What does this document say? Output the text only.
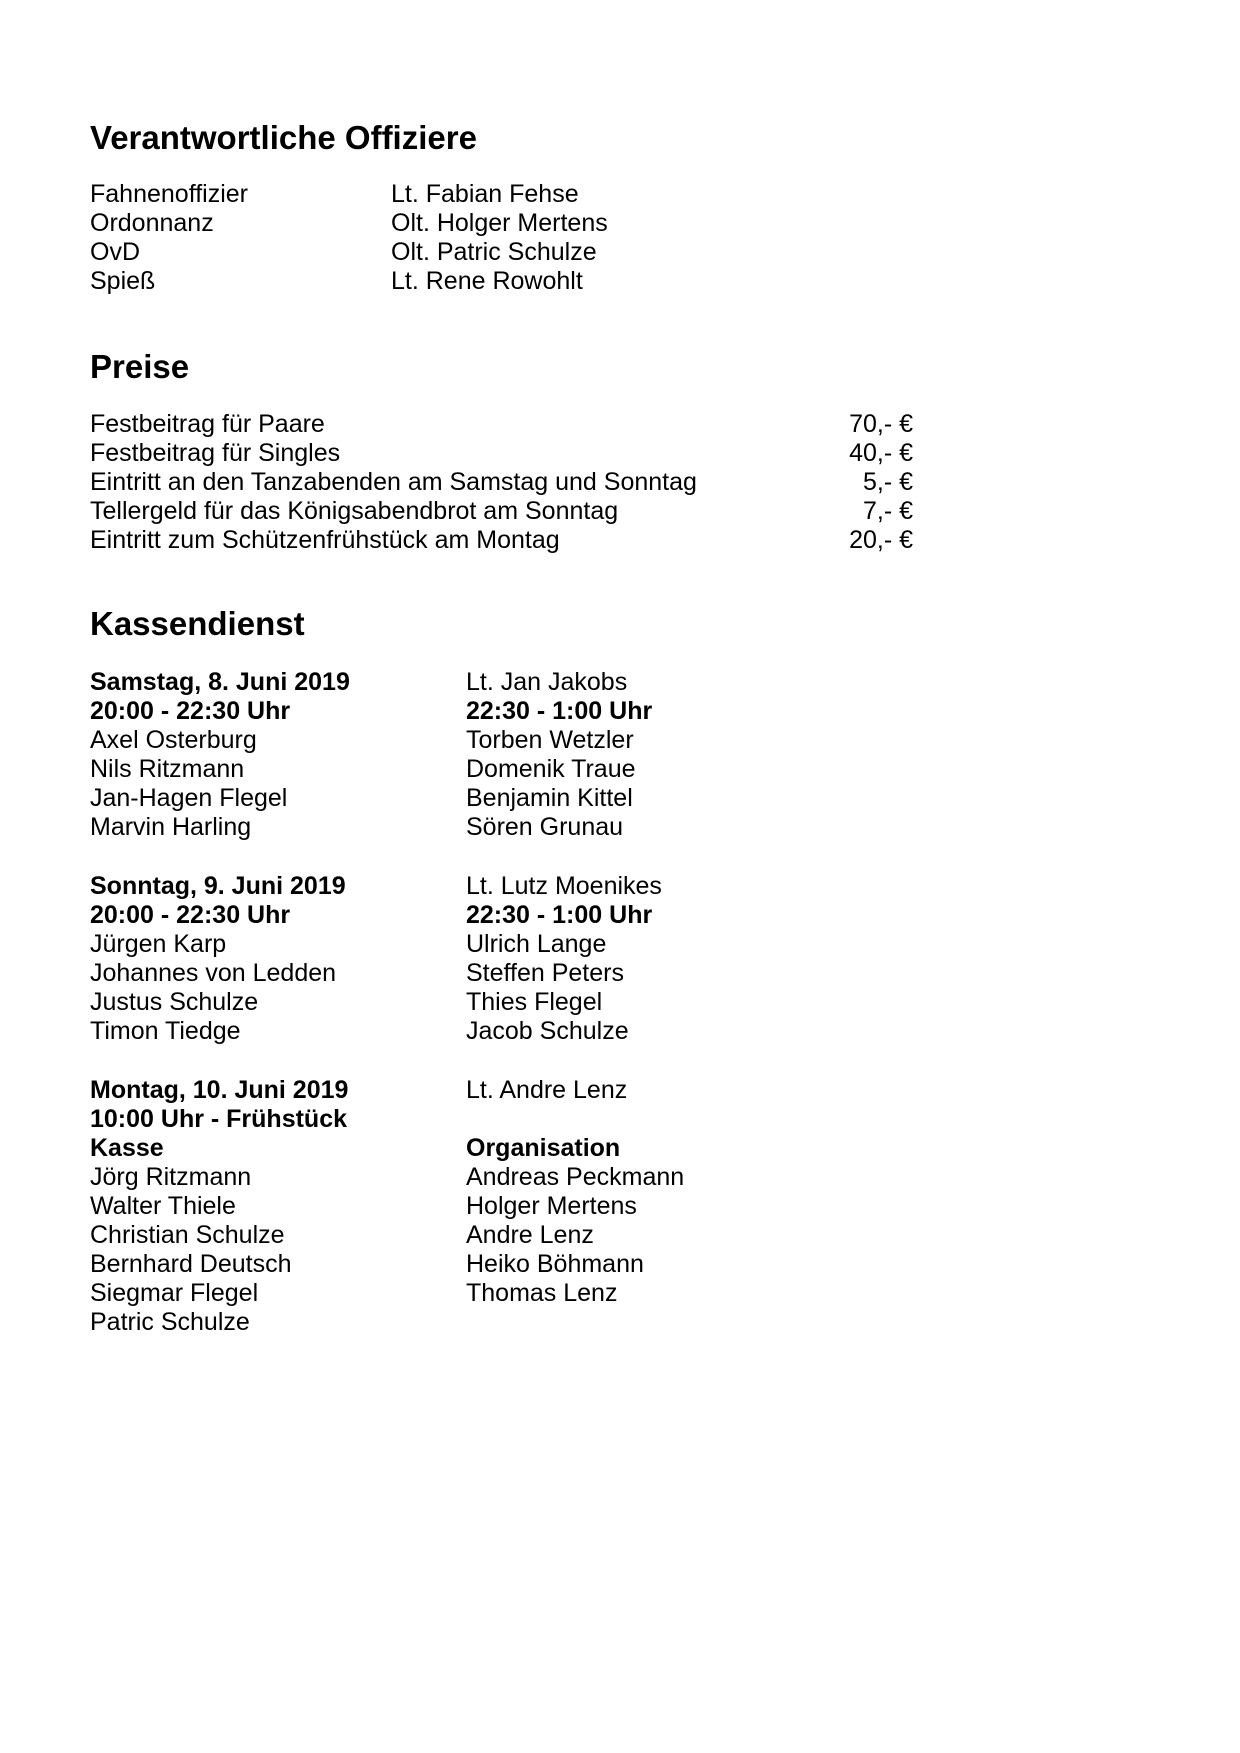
Verantwortliche Offiziere
Fahnenoffizier	Lt. Fabian Fehse
Ordonnanz	Olt. Holger Mertens
OvD	Olt. Patric Schulze
Spieß	Lt. Rene Rowohlt
Preise
Festbeitrag für Paare	70,- €
Festbeitrag für Singles	40,- €
Eintritt an den Tanzabenden am Samstag und Sonntag	5,- €
Tellergeld für das Königsabendbrot am Sonntag	7,- €
Eintritt zum Schützenfrühstück am Montag	20,- €
Kassendienst
Samstag, 8. Juni 2019	Lt. Jan Jakobs
20:00 - 22:30 Uhr	22:30 - 1:00 Uhr
Axel Osterburg	Torben Wetzler
Nils Ritzmann	Domenik Traue
Jan-Hagen Flegel	Benjamin Kittel
Marvin Harling	Sören Grunau
Sonntag, 9. Juni 2019	Lt. Lutz Moenikes
20:00 - 22:30 Uhr	22:30 - 1:00 Uhr
Jürgen Karp	Ulrich Lange
Johannes von Ledden	Steffen Peters
Justus Schulze	Thies Flegel
Timon Tiedge	Jacob Schulze
Montag, 10. Juni 2019	Lt. Andre Lenz
10:00 Uhr - Frühstück
Kasse	Organisation
Jörg Ritzmann	Andreas Peckmann
Walter Thiele	Holger Mertens
Christian Schulze	Andre Lenz
Bernhard Deutsch	Heiko Böhmann
Siegmar Flegel	Thomas Lenz
Patric Schulze
